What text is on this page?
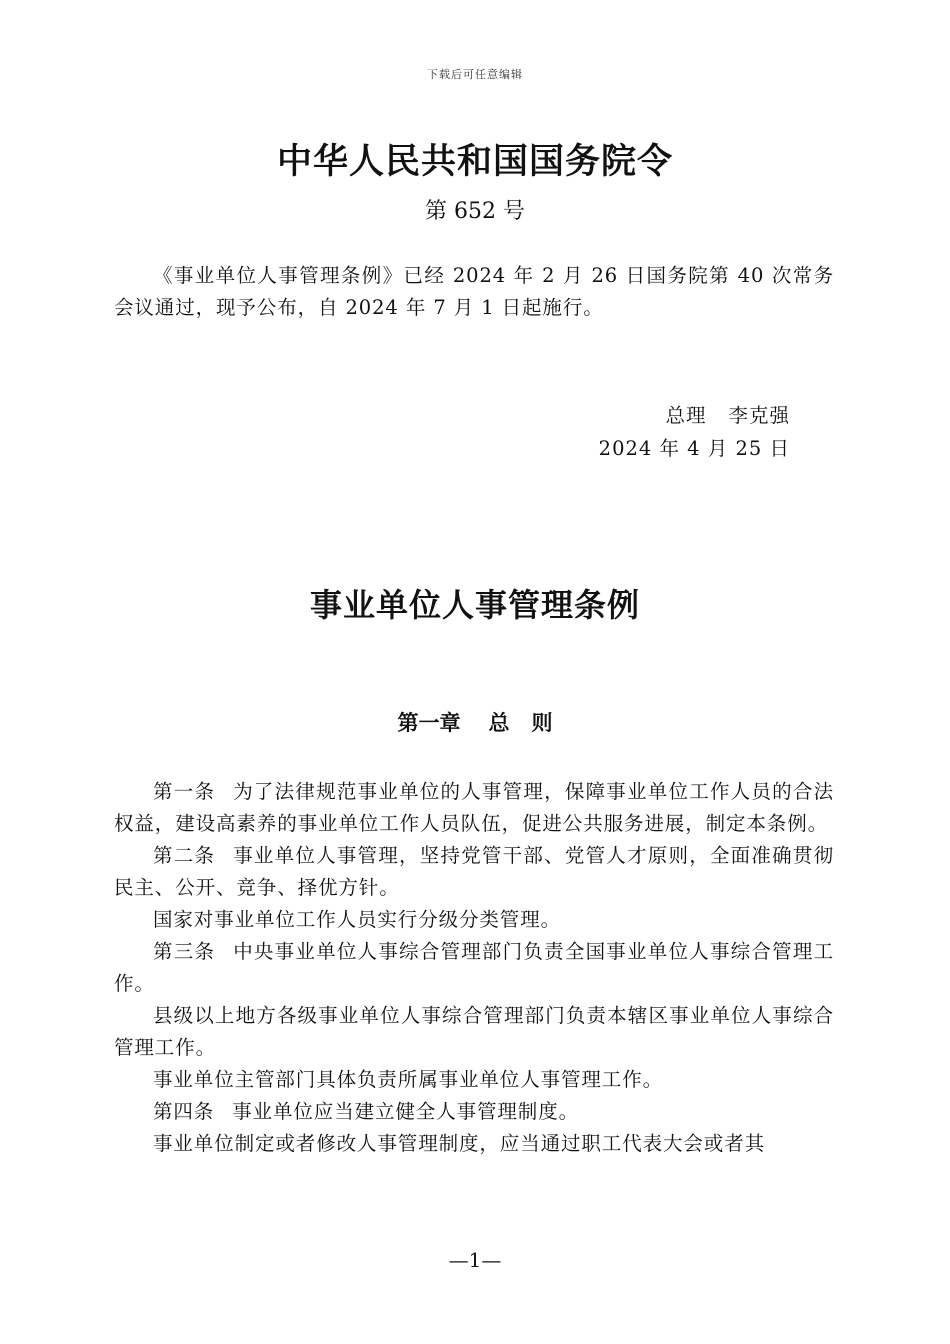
下载后可任意编辑
中华人民共和国国务院令
第 652 号
《事业单位人事管理条例》已经 2024 年 2 月 26 日国务院第 40 次常务会议通过，现予公布，自 2024 年 7 月 1 日起施行。
总理 李克强
2024 年 4 月 25 日
事业单位人事管理条例
第一章 总 则

第一条 为了法律规范事业单位的人事管理，保障事业单位工作人员的合法权益，建设高素养的事业单位工作人员队伍，促进公共服务进展，制定本条例。

第二条 事业单位人事管理，坚持党管干部、党管人才原则，全面准确贯彻民主、公开、竞争、择优方针。

国家对事业单位工作人员实行分级分类管理。

第三条 中央事业单位人事综合管理部门负责全国事业单位人事综合管理工作。

县级以上地方各级事业单位人事综合管理部门负责本辖区事业单位人事综合管理工作。

事业单位主管部门具体负责所属事业单位人事管理工作。

第四条 事业单位应当建立健全人事管理制度。

事业单位制定或者修改人事管理制度，应当通过职工代表大会或者其

—1—
